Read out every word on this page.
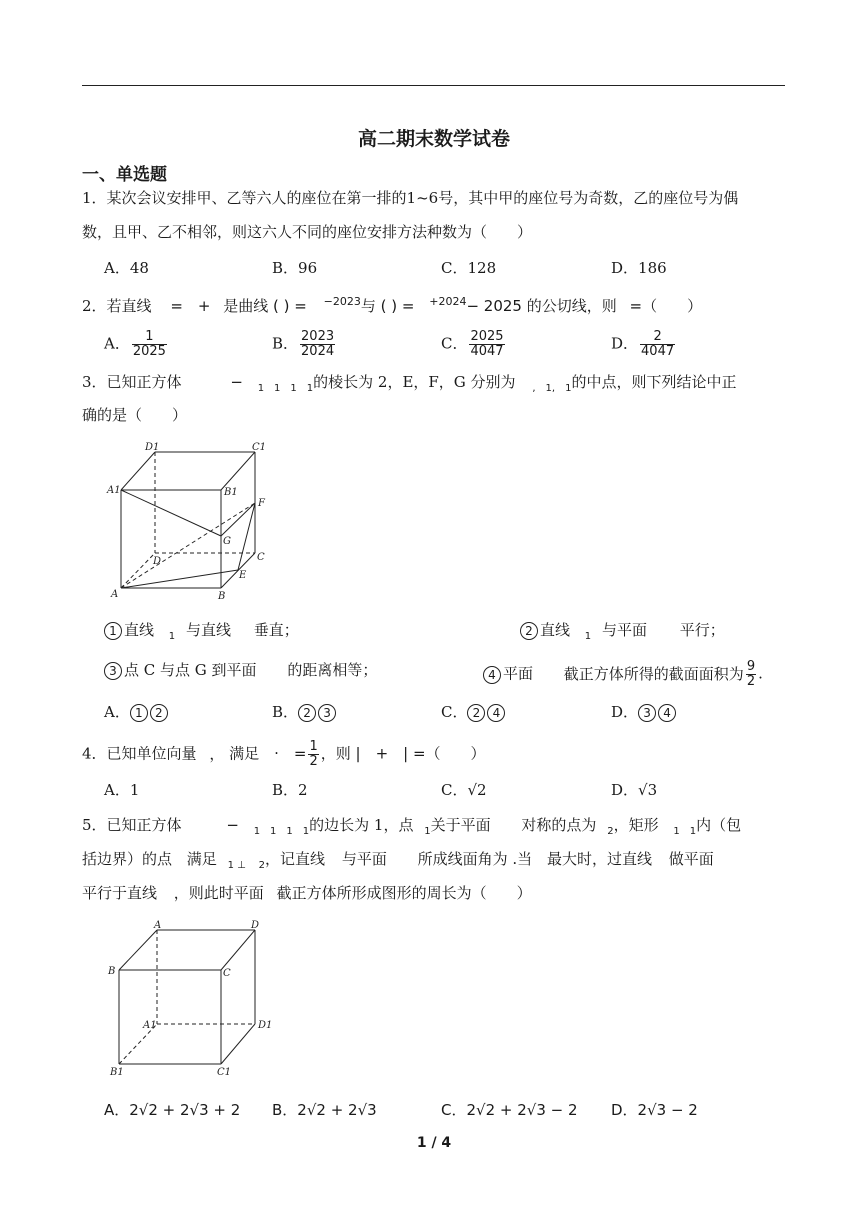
高二期末数学试卷
一、单选题
1．某次会议安排甲、乙等六人的座位在第一排的1~6号，其中甲的座位号为奇数，乙的座位号为偶
数，且甲、乙不相邻，则这六人不同的座位安排方法种数为（　　）
A．48	B．96	C．128	D．186
2．若直线 =　+ 是曲线 ( ) = $^{-2023}$与 ( ) = $^{+2024}$− 2025 的公切线，则 =（　　）
A． $\frac{1}{2025}$	B． $\frac{2023}{2024}$	C． $\frac{2025}{4047}$	D． $\frac{2}{4047}$
3．已知正方体	− $_{1 1 1 1}$的棱长为 2，E，F，G 分别为 $_{, 1, 1}$的中点，则下列结论中正
确的是（　　）
D1	C1
A1	B1
F
G
D	C
E
A	B
1 直线 $_1$ 与直线 垂直；	2 直线 $_1$ 与平面 平行；
3 点 C 与点 G 到平面 的距离相等；	4 平面 截正方体所得的截面面积为 $\frac{9}{2}$ .
A． 1 2	B． 2 3	C． 2 4	D． 3 4
4．已知单位向量 ， 满足　·　= $\frac{1}{2}$ ，则 |　+　| =（　　）
A．1	B．2	C．√2	D．√3
5．已知正方体	− $_{1 1 1 1}$的边长为 1，点 $_1$关于平面 对称的点为 $_2$，矩形 $_{1 1}$内（包
括边界）的点 满足 $_{1 \perp}$ $_2$，记直线 与平面 所成线面角为 .当 最大时，过直线 做平面
平行于直线 ，则此时平面 截正方体所形成图形的周长为（　　）
A	D
B	C
A1	D1
B1	C1
A．2√2 + 2√3 + 2 B．2√2 + 2√3	C．2√2 + 2√3 − 2 D．2√3 − 2
1 / 4
